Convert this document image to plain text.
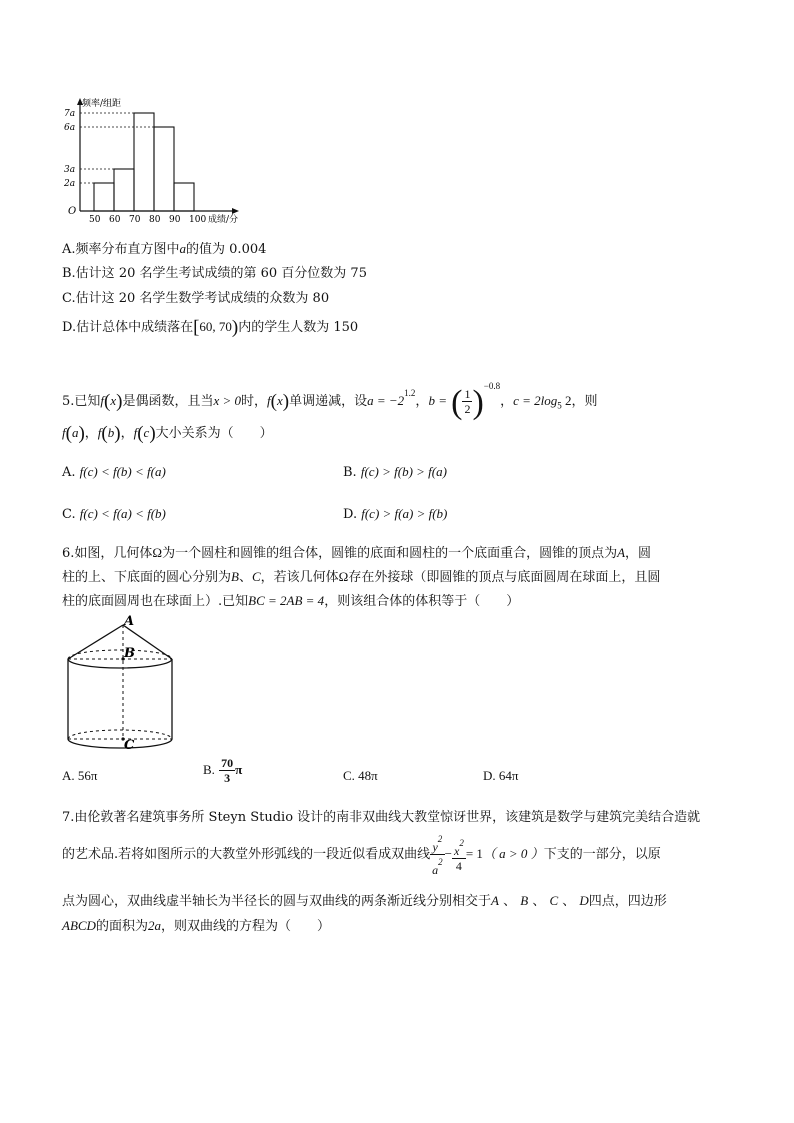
频率/组距
成绩/分
O
7a
6a
3a
2a
50 60 70 80 90 100
A.频率分布直方图中a的值为 0.004
B.估计这 20 名学生考试成绩的第 60 百分位数为 75
C.估计这 20 名学生数学考试成绩的众数为 80
D.估计总体中成绩落在[60, 70)内的学生人数为 150
5.已知f(x)是偶函数，且当x > 0时，f(x)单调递减，设$a = -2^{1.2}$，b = ( $\frac{1}{2} )^{-0.8}$，$c = 2\log_5$ 2，则
f(a)，f(b)，f(c)大小关系为（　　）
A. f(c) < f(b) < f(a)	B. f(c) > f(b) > f(a)
C. f(c) < f(a) < f(b)	D. f(c) > f(a) > f(b)
6.如图，几何体Ω为一个圆柱和圆锥的组合体，圆锥的底面和圆柱的一个底面重合，圆锥的顶点为A，圆
柱的上、下底面的圆心分别为B、C，若该几何体Ω存在外接球（即圆锥的顶点与底面圆周在球面上，且圆
柱的底面圆周也在球面上）.已知BC = 2AB = 4，则该组合体的体积等于（　　）
A
B
C
A. 56π	B. $\frac{70}{3}$ π	C. 48π	D. 64π
7.由伦敦著名建筑事务所 Steyn Studio 设计的南非双曲线大教堂惊讶世界，该建筑是数学与建筑完美结合造就
的艺术品.若将如图所示的大教堂外形弧线的一段近似看成双曲线 $\frac{y^2}{a^2} - \frac{x^2}{4} = 1$（ a > 0 ）下支的一部分，以原
点为圆心，双曲线虚半轴长为半径长的圆与双曲线的两条渐近线分别相交于A 、 B 、 C 、 D四点，四边形
ABCD的面积为2a，则双曲线的方程为（　　）
